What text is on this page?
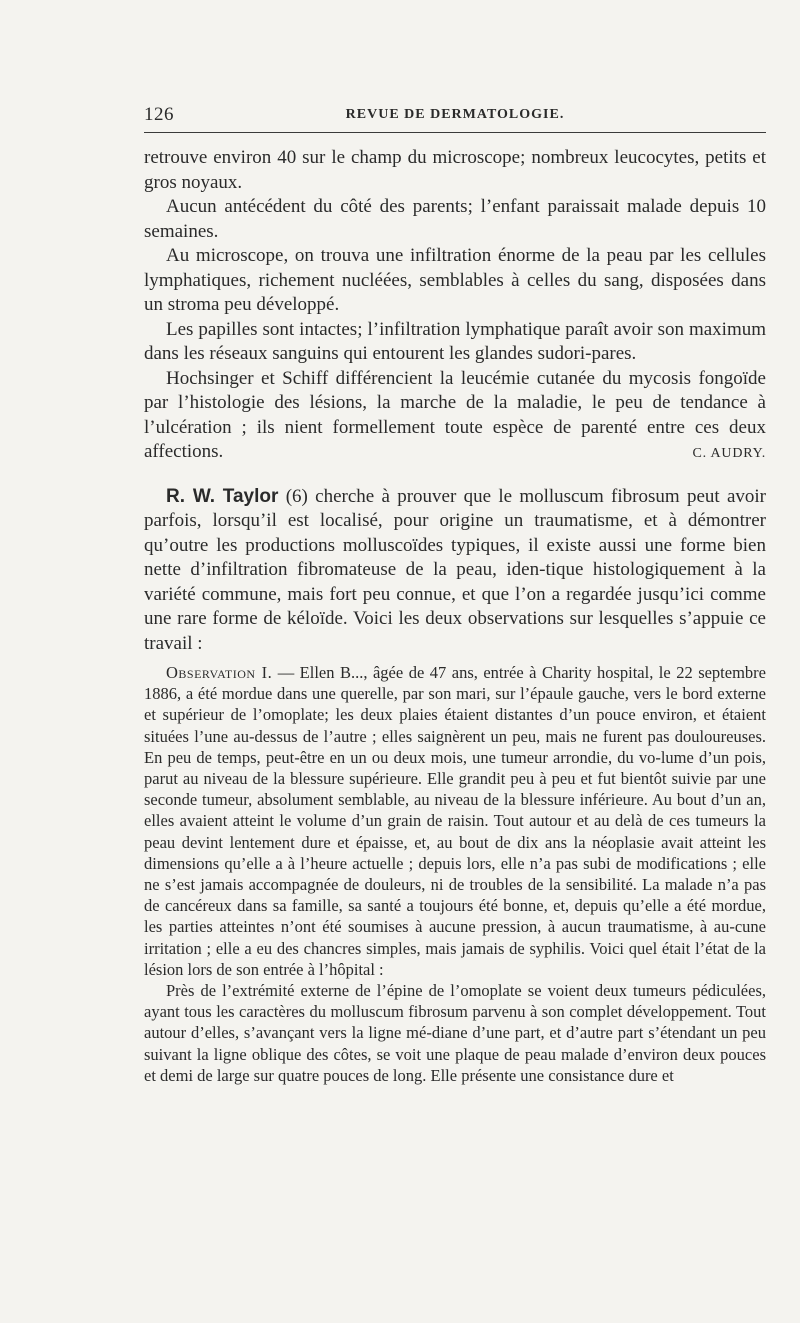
126	REVUE DE DERMATOLOGIE.

retrouve environ 40 sur le champ du microscope; nombreux leucocytes, petits et gros noyaux.

Aucun antécédent du côté des parents; l’enfant paraissait malade depuis 10 semaines.

Au microscope, on trouva une infiltration énorme de la peau par les cellules lymphatiques, richement nucléées, semblables à celles du sang, disposées dans un stroma peu développé.

Les papilles sont intactes; l’infiltration lymphatique paraît avoir son maximum dans les réseaux sanguins qui entourent les glandes sudori-pares.

Hochsinger et Schiff différencient la leucémie cutanée du mycosis fongoïde par l’histologie des lésions, la marche de la maladie, le peu de tendance à l’ulcération ; ils nient formellement toute espèce de parenté entre ces deux affections.	C. AUDRY.

R. W. Taylor (6) cherche à prouver que le molluscum fibrosum peut avoir parfois, lorsqu’il est localisé, pour origine un traumatisme, et à démontrer qu’outre les productions molluscoïdes typiques, il existe aussi une forme bien nette d’infiltration fibromateuse de la peau, iden-tique histologiquement à la variété commune, mais fort peu connue, et que l’on a regardée jusqu’ici comme une rare forme de kéloïde. Voici les deux observations sur lesquelles s’appuie ce travail :

Observation I. — Ellen B..., âgée de 47 ans, entrée à Charity hospital, le 22 septembre 1886, a été mordue dans une querelle, par son mari, sur l’épaule gauche, vers le bord externe et supérieur de l’omoplate; les deux plaies étaient distantes d’un pouce environ, et étaient situées l’une au-dessus de l’autre ; elles saignèrent un peu, mais ne furent pas douloureuses. En peu de temps, peut-être en un ou deux mois, une tumeur arrondie, du vo-lume d’un pois, parut au niveau de la blessure supérieure. Elle grandit peu à peu et fut bientôt suivie par une seconde tumeur, absolument semblable, au niveau de la blessure inférieure. Au bout d’un an, elles avaient atteint le volume d’un grain de raisin. Tout autour et au delà de ces tumeurs la peau devint lentement dure et épaisse, et, au bout de dix ans la néoplasie avait atteint les dimensions qu’elle a à l’heure actuelle ; depuis lors, elle n’a pas subi de modifications ; elle ne s’est jamais accompagnée de douleurs, ni de troubles de la sensibilité. La malade n’a pas de cancéreux dans sa famille, sa santé a toujours été bonne, et, depuis qu’elle a été mordue, les parties atteintes n’ont été soumises à aucune pression, à aucun traumatisme, à au-cune irritation ; elle a eu des chancres simples, mais jamais de syphilis. Voici quel était l’état de la lésion lors de son entrée à l’hôpital :

Près de l’extrémité externe de l’épine de l’omoplate se voient deux tumeurs pédiculées, ayant tous les caractères du molluscum fibrosum parvenu à son complet développement. Tout autour d’elles, s’avançant vers la ligne mé-diane d’une part, et d’autre part s’étendant un peu suivant la ligne oblique des côtes, se voit une plaque de peau malade d’environ deux pouces et demi de large sur quatre pouces de long. Elle présente une consistance dure et
